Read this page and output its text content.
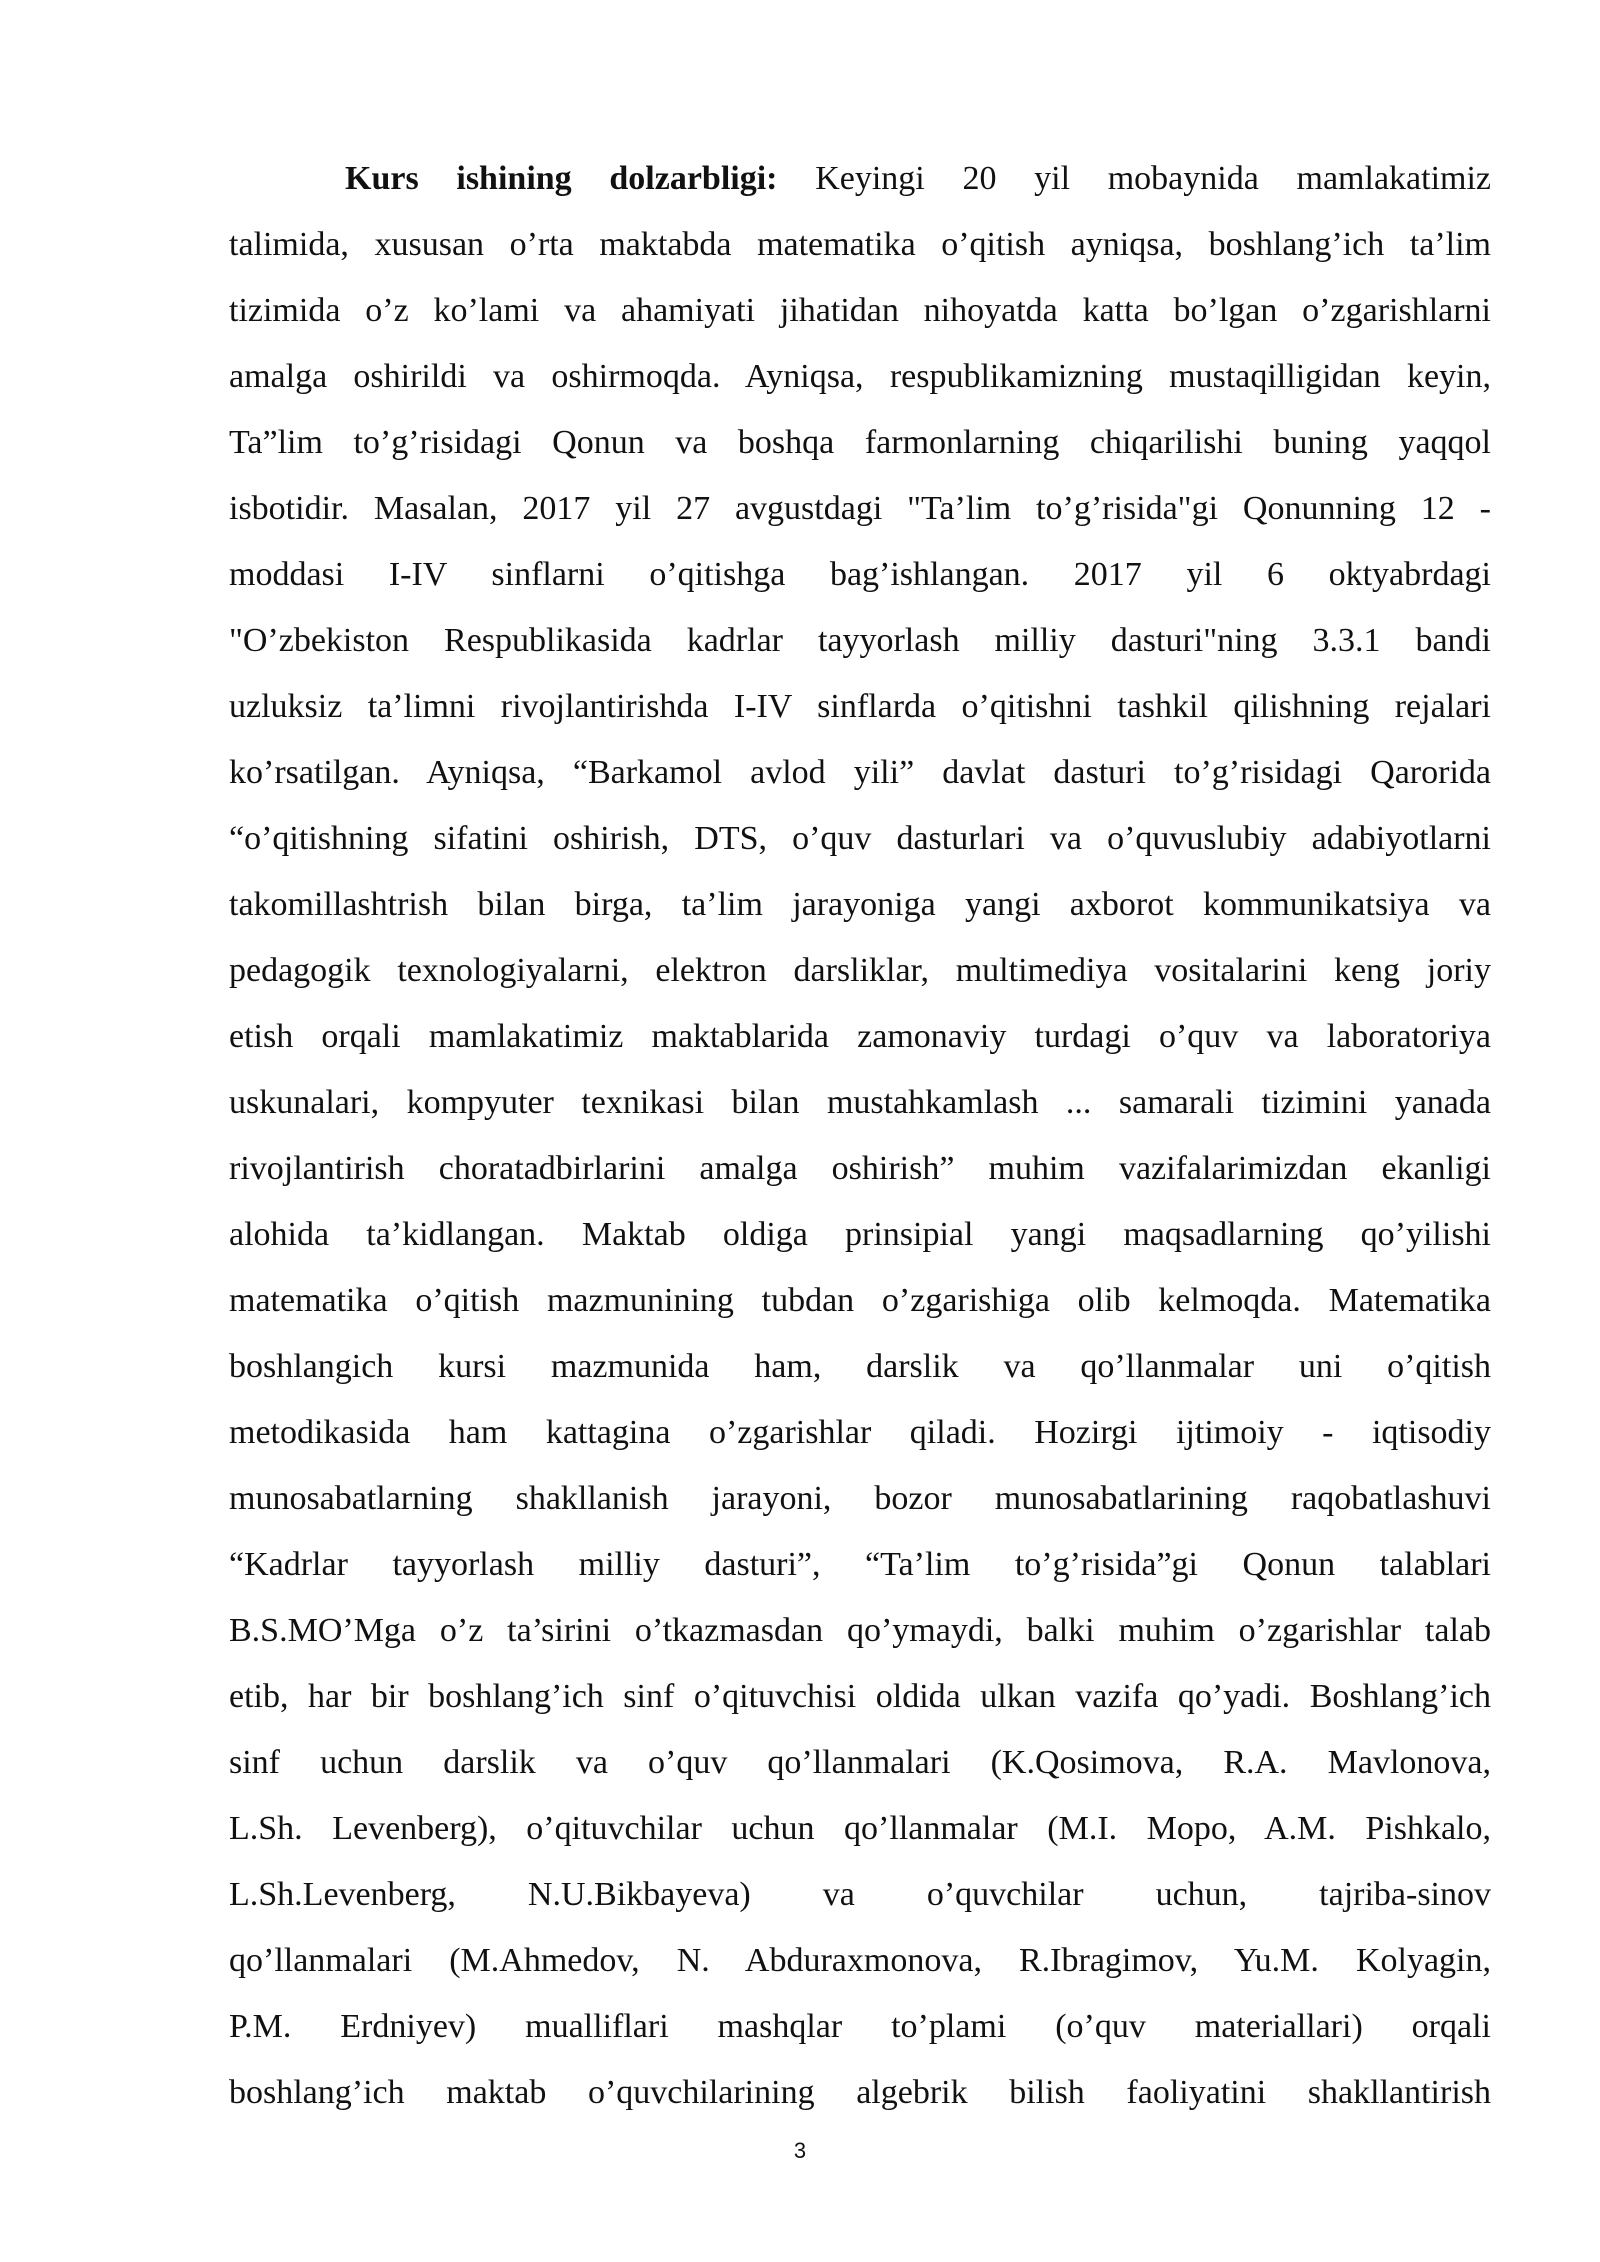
Kurs ishining dolzarbligi: Keyingi 20 yil mobaynida mamlakatimiz
talimida, xususan o’rta maktabda matematika o’qitish ayniqsa, boshlang’ich ta’lim
tizimida o’z ko’lami va ahamiyati jihatidan nihoyatda katta bo’lgan o’zgarishlarni
amalga oshirildi va oshirmoqda. Ayniqsa, respublikamizning mustaqilligidan keyin,
Ta”lim to’g’risidagi Qonun va boshqa farmonlarning chiqarilishi buning yaqqol
isbotidir. Masalan, 2017 yil 27 avgustdagi "Ta’lim to’g’risida"gi Qonunning 12 -
moddasi I-IV sinflarni o’qitishga bag’ishlangan. 2017 yil 6 oktyabrdagi
"O’zbekiston Respublikasida kadrlar tayyorlash milliy dasturi"ning 3.3.1 bandi
uzluksiz ta’limni rivojlantirishda I-IV sinflarda o’qitishni tashkil qilishning rejalari
ko’rsatilgan. Ayniqsa, “Barkamol avlod yili” davlat dasturi to’g’risidagi Qarorida
“o’qitishning sifatini oshirish, DTS, o’quv dasturlari va o’quvuslubiy adabiyotlarni
takomillashtrish bilan birga, ta’lim jarayoniga yangi axborot kommunikatsiya va
pedagogik texnologiyalarni, elektron darsliklar, multimediya vositalarini keng joriy
etish orqali mamlakatimiz maktablarida zamonaviy turdagi o’quv va laboratoriya
uskunalari, kompyuter texnikasi bilan mustahkamlash ... samarali tizimini yanada
rivojlantirish choratadbirlarini amalga oshirish” muhim vazifalarimizdan ekanligi
alohida ta’kidlangan. Maktab oldiga prinsipial yangi maqsadlarning qo’yilishi
matematika o’qitish mazmunining tubdan o’zgarishiga olib kelmoqda. Matematika
boshlangich kursi mazmunida ham, darslik va qo’llanmalar uni o’qitish
metodikasida ham kattagina o’zgarishlar qiladi. Hozirgi ijtimoiy - iqtisodiy
munosabatlarning shakllanish jarayoni, bozor munosabatlarining raqobatlashuvi
“Kadrlar tayyorlash milliy dasturi”, “Ta’lim to’g’risida”gi Qonun talablari
B.S.MO’Mga o’z ta’sirini o’tkazmasdan qo’ymaydi, balki muhim o’zgarishlar talab
etib, har bir boshlang’ich sinf o’qituvchisi oldida ulkan vazifa qo’yadi. Boshlang’ich
sinf uchun darslik va o’quv qo’llanmalari (K.Qosimova, R.A. Mavlonova,
L.Sh. Levenberg), o’qituvchilar uchun qo’llanmalar (M.I. Mopo, A.M. Pishkalo,
L.Sh.Levenberg, N.U.Bikbayeva) va o’quvchilar uchun, tajriba-sinov
qo’llanmalari (M.Ahmedov, N. Abduraxmonova, R.Ibragimov, Yu.M. Kolyagin,
P.M. Erdniyev) mualliflari mashqlar to’plami (o’quv materiallari) orqali
boshlang’ich maktab o’quvchilarining algebrik bilish faoliyatini shakllantirish
3
